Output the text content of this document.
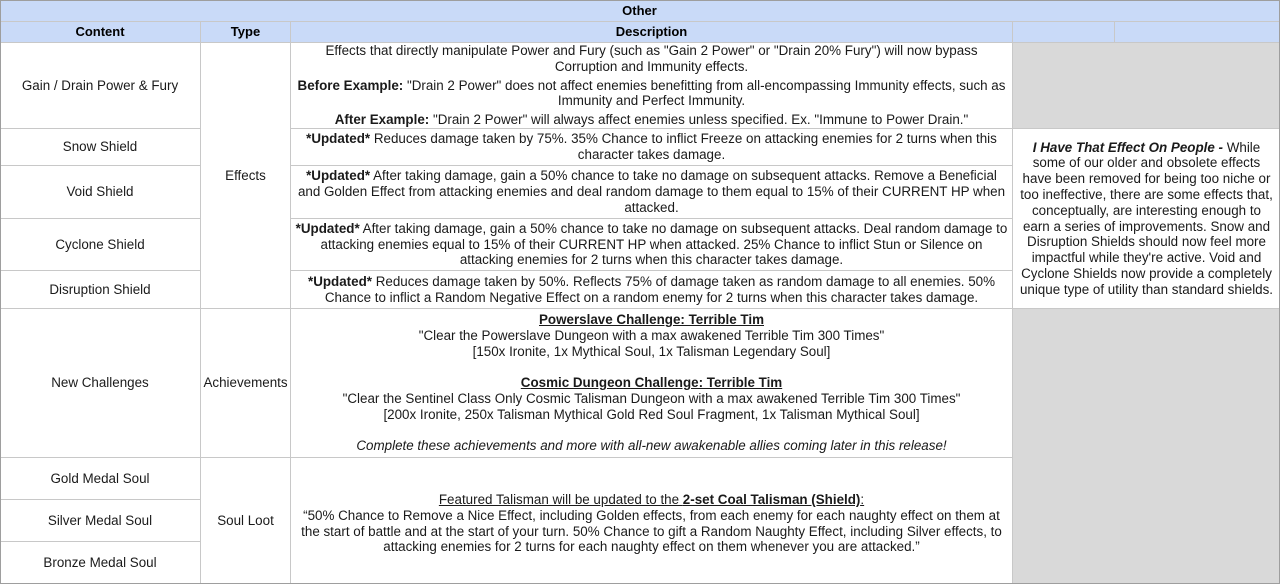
Other
Content	Type	Description
Gain / Drain Power & Fury
Snow Shield
Void Shield
Cyclone Shield
Disruption Shield
New Challenges
Gold Medal Soul
Silver Medal Soul
Bronze Medal Soul
Effects
Achievements
Soul Loot

Effects that directly manipulate Power and Fury (such as "Gain 2 Power" or "Drain 20% Fury") will now bypass Corruption and Immunity effects.

Before Example: "Drain 2 Power" does not affect enemies benefitting from all-encompassing Immunity effects, such as Immunity and Perfect Immunity.

After Example: "Drain 2 Power" will always affect enemies unless specified. Ex. "Immune to Power Drain."

*Updated* Reduces damage taken by 75%. 35% Chance to inflict Freeze on attacking enemies for 2 turns when this character takes damage.

*Updated* After taking damage, gain a 50% chance to take no damage on subsequent attacks. Remove a Beneficial and Golden Effect from attacking enemies and deal random damage to them equal to 15% of their CURRENT HP when attacked.

*Updated* After taking damage, gain a 50% chance to take no damage on subsequent attacks. Deal random damage to attacking enemies equal to 15% of their CURRENT HP when attacked. 25% Chance to inflict Stun or Silence on attacking enemies for 2 turns when this character takes damage.

*Updated* Reduces damage taken by 50%. Reflects 75% of damage taken as random damage to all enemies. 50% Chance to inflict a Random Negative Effect on a random enemy for 2 turns when this character takes damage.

Powerslave Challenge: Terrible Tim

"Clear the Powerslave Dungeon with a max awakened Terrible Tim 300 Times"

[150x Ironite, 1x Mythical Soul, 1x Talisman Legendary Soul]

Cosmic Dungeon Challenge: Terrible Tim

"Clear the Sentinel Class Only Cosmic Talisman Dungeon with a max awakened Terrible Tim 300 Times"

[200x Ironite, 250x Talisman Mythical Gold Red Soul Fragment, 1x Talisman Mythical Soul]

Complete these achievements and more with all-new awakenable allies coming later in this release!

Featured Talisman will be updated to the 2-set Coal Talisman (Shield):

“50% Chance to Remove a Nice Effect, including Golden effects, from each enemy for each naughty effect on them at the start of battle and at the start of your turn. 50% Chance to gift a Random Naughty Effect, including Silver effects, to attacking enemies for 2 turns for each naughty effect on them whenever you are attacked.”

I Have That Effect On People - While some of our older and obsolete effects have been removed for being too niche or too ineffective, there are some effects that, conceptually, are interesting enough to earn a series of improvements. Snow and Disruption Shields should now feel more impactful while they're active. Void and Cyclone Shields now provide a completely unique type of utility than standard shields.
